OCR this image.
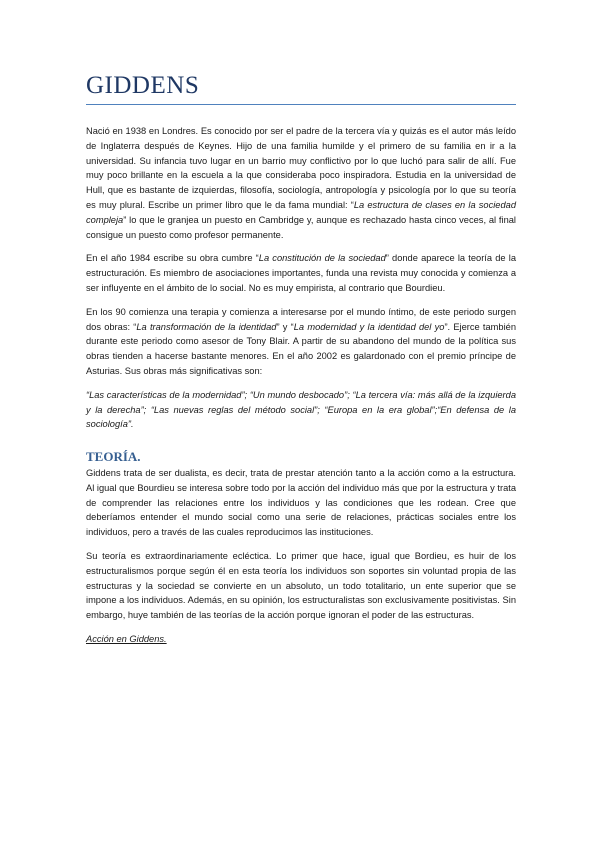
GIDDENS

Nació en 1938 en Londres. Es conocido por ser el padre de la tercera vía y quizás es el autor más leído de Inglaterra después de Keynes. Hijo de una familia humilde y el primero de su familia en ir a la universidad. Su infancia tuvo lugar en un barrio muy conflictivo por lo que luchó para salir de allí. Fue muy poco brillante en la escuela a la que consideraba poco inspiradora. Estudia en la universidad de Hull, que es bastante de izquierdas, filosofía, sociología, antropología y psicología por lo que su teoría es muy plural. Escribe un primer libro que le da fama mundial: “La estructura de clases en la sociedad compleja” lo que le granjea un puesto en Cambridge y, aunque es rechazado hasta cinco veces, al final consigue un puesto como profesor permanente.

En el año 1984 escribe su obra cumbre “La constitución de la sociedad” donde aparece la teoría de la estructuración. Es miembro de asociaciones importantes, funda una revista muy conocida y comienza a ser influyente en el ámbito de lo social. No es muy empirista, al contrario que Bourdieu.

En los 90 comienza una terapia y comienza a interesarse por el mundo íntimo, de este periodo surgen dos obras: “La transformación de la identidad” y “La modernidad y la identidad del yo”. Ejerce también durante este periodo como asesor de Tony Blair. A partir de su abandono del mundo de la política sus obras tienden a hacerse bastante menores. En el año 2002 es galardonado con el premio príncipe de Asturias. Sus obras más significativas son:

“Las características de la modernidad”; “Un mundo desbocado”; “La tercera vía: más allá de la izquierda y la derecha”; “Las nuevas reglas del método social”; “Europa en la era global”;“En defensa de la sociología”.

TEORÍA.

Giddens trata de ser dualista, es decir, trata de prestar atención tanto a la acción como a la estructura. Al igual que Bourdieu se interesa sobre todo por la acción del individuo más que por la estructura y trata de comprender las relaciones entre los individuos y las condiciones que les rodean. Cree que deberíamos entender el mundo social como una serie de relaciones, prácticas sociales entre los individuos, pero a través de las cuales reproducimos las instituciones.

Su teoría es extraordinariamente ecléctica. Lo primer que hace, igual que Bordieu, es huir de los estructuralismos porque según él en esta teoría los individuos son soportes sin voluntad propia de las estructuras y la sociedad se convierte en un absoluto, un todo totalitario, un ente superior que se impone a los individuos. Además, en su opinión, los estructuralistas son exclusivamente positivistas. Sin embargo, huye también de las teorías de la acción porque ignoran el poder de las estructuras.

Acción en Giddens.
